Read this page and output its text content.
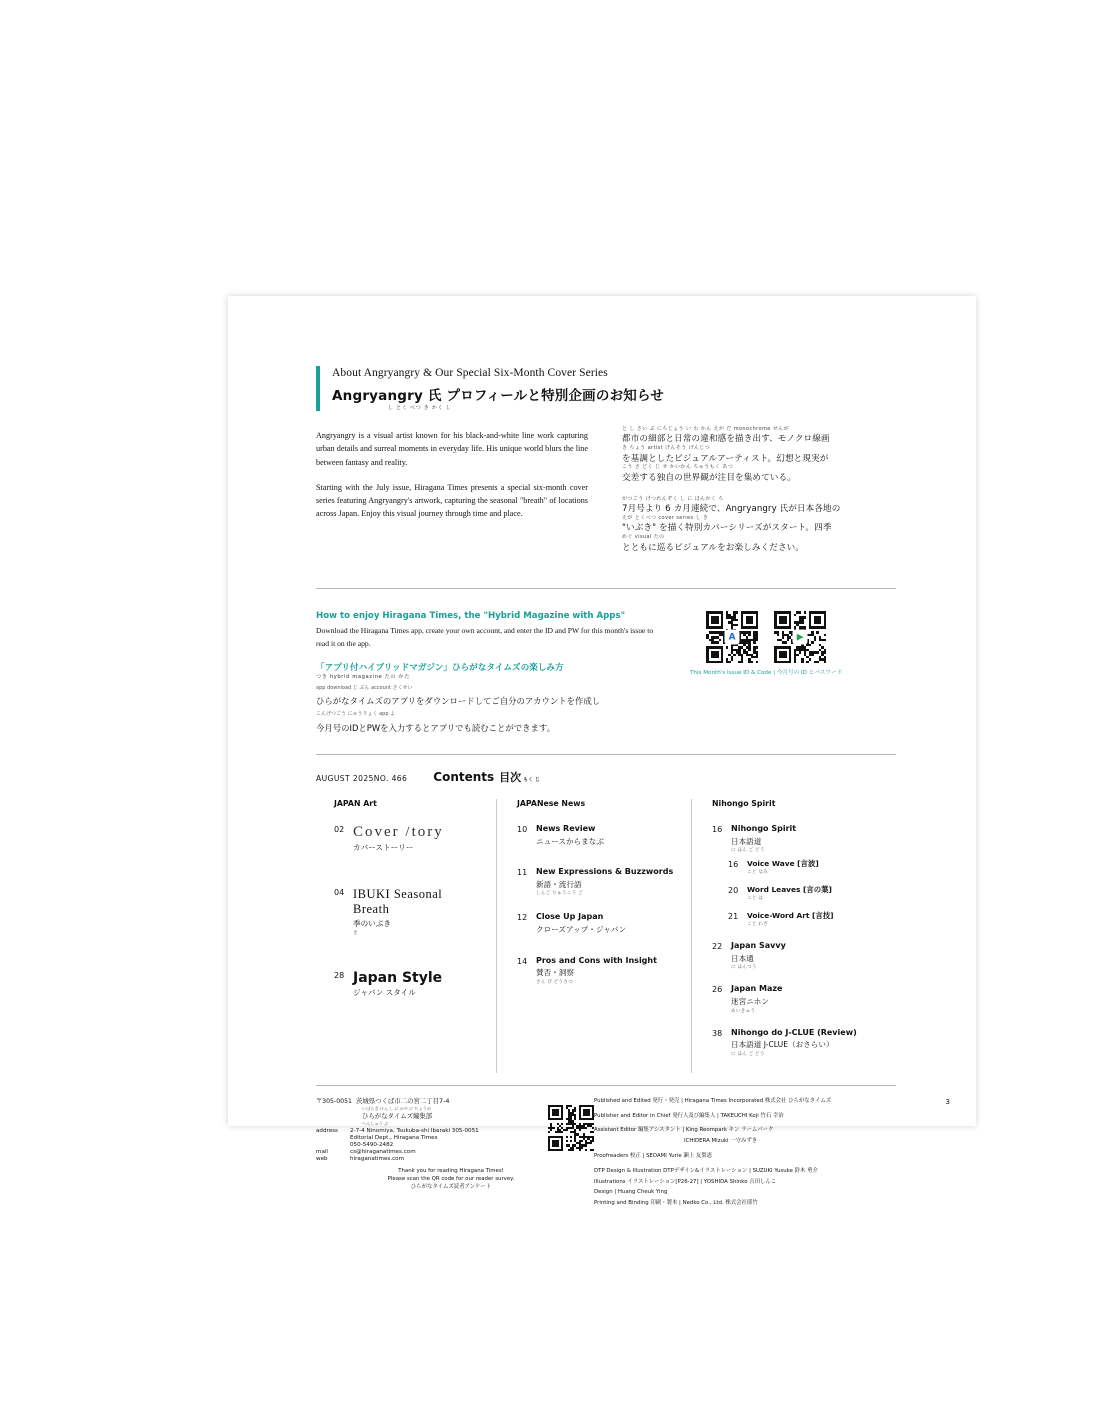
About Angryangry & Our Special Six-Month Cover Series
Angryangry 氏 プロフィールと特別企画のお知らせ
し とく べつ き かく し

Angryangry is a visual artist known for his black-and-white line work capturing urban details and surreal moments in everyday life. His unique world blurs the line between fantasy and reality.

Starting with the July issue, Hiragana Times presents a special six-month cover series featuring Angryangry's artwork, capturing the seasonal "breath" of locations across Japan. Enjoy this visual journey through time and place.

と し さい ぶ にちじょう い わ かん えが だ monochrome せんが
都市の細部と日常の違和感を描き出す、モノクロ線画
き ちょう artist げんそう げんじつ
を基調としたビジュアルアーティスト。幻想と現実が
こう さ どく じ せ かいかん ちゅうもく あつ
交差する独自の世界観が注目を集めている。

がつごう げつれんぞく し に ほんかく ち
7月号より 6 カ月連続で、Angryangry 氏が日本各地の
えが とくべつ cover series し き
"いぶき" を描く特別カバーシリーズがスタート。四季
めぐ visual たの
とともに巡るビジュアルをお楽しみください。

How to enjoy Hiragana Times, the "Hybrid Magazine with Apps"
Download the Hiragana Times app, create your own account, and enter the ID and PW for this month's issue to read it on the app.
「アプリ付ハイブリッドマガジン」ひらがなタイムズの楽しみ方
つき hybrid magazine たの かた
app download じ ぶん account さくせい
ひらがなタイムズのアプリをダウンロードしてご自分のアカウントを作成し
こんげつごう にゅうりょく app よ
今月号のIDとPWを入力するとアプリでも読むことができます。
A	▶
This Month's Issue ID & Code | 今月号の ID とパスワード
AUGUST 2025 NO. 466 Contents 目次 もく じ
JAPAN Art
02 Cover /tory
カバーストーリー
04 IBUKI Seasonal Breath
季のいぶき
き
28 Japan Style
ジャパン スタイル
JAPANese News
10	News Review
ニュースからまなぶ
11	New Expressions & Buzzwords
新語・流行語
しんご りゅうこう ご
12	Close Up Japan
クローズアップ・ジャパン
14	Pros and Cons with Insight
賛否・洞察
さん ぴ どうさつ
Nihongo Spirit
16	Nihongo Spirit
日本語道
に ほん ご どう
16	Voice Wave [言波]
こと なみ
20	Word Leaves [言の葉]
こと は
21	Voice-Word Art [言技]
こと わざ
22	Japan Savvy
日本通
に ほんつう
26	Japan Maze
迷宮ニホン
めいきゅう
38	Nihongo do J-CLUE (Review)
日本語道 J-CLUE（おさらい）
に ほん ご どう
〒305-0051 茨城県つくば市二の宮二丁目7-4
いばらき けん し に みや に ちょうめ
ひらがなタイムズ編集部
へんしゅう ぶ
address	2-7-4 Ninomiya, Tsukuba-shi Ibaraki 305-0051
Editorial Dept., Hiragana Times
050-5490-2482
mail	cs@hiraganatimes.com
web	hiraganatimes.com
Thank you for reading Hiragana Times!
Please scan the QR code for our reader survey.
ひらがなタイムズ読者アンケート
Published and Edited 発行・発売 | Hiragana Times Incorporated 株式会社 ひらがなタイムズ
Publisher and Editor in Chief 発行人及び編集人 | TAKEUCHI Koji 竹石 幸治
Assistant Editor 編集アシスタント | King Reompark キン ラームパーク
ICHIDERA Mizuki 一守みずき
Proofreaders 校正 | SEOAMI Yurie 瀬上 友梨恵
DTP Design & Illustration DTPデザイン&イラストレーション | SUZUKI Yusuke 鈴木 勇介
Illustrations イラストレーション[P26-27] | YOSHIDA Shinko 吉田しんこ
Design | Huang Cheuk Ying
Printing and Binding 印刷・製本 | Nedko Co., Ltd. 株式会社耶竹
3
